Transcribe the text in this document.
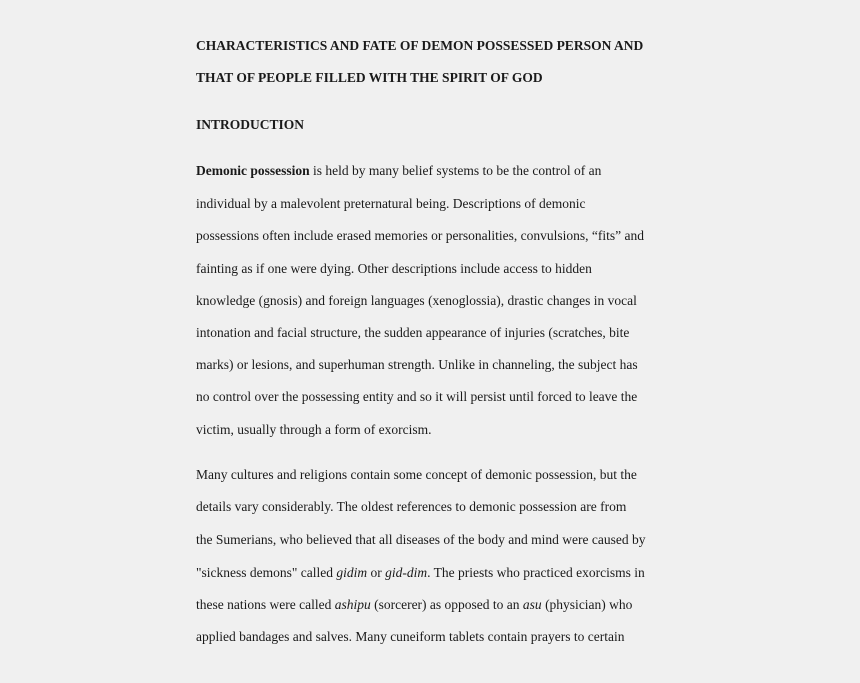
CHARACTERISTICS AND FATE OF DEMON POSSESSED PERSON AND
THAT OF PEOPLE FILLED WITH THE SPIRIT OF GOD
INTRODUCTION
Demonic possession is held by many belief systems to be the control of an
individual by a malevolent preternatural being. Descriptions of demonic
possessions often include erased memories or personalities, convulsions, “fits” and
fainting as if one were dying. Other descriptions include access to hidden
knowledge (gnosis) and foreign languages (xenoglossia), drastic changes in vocal
intonation and facial structure, the sudden appearance of injuries (scratches, bite
marks) or lesions, and superhuman strength. Unlike in channeling, the subject has
no control over the possessing entity and so it will persist until forced to leave the
victim, usually through a form of exorcism.
Many cultures and religions contain some concept of demonic possession, but the
details vary considerably. The oldest references to demonic possession are from
the Sumerians, who believed that all diseases of the body and mind were caused by
"sickness demons" called gidim or gid-dim. The priests who practiced exorcisms in
these nations were called ashipu (sorcerer) as opposed to an asu (physician) who
applied bandages and salves. Many cuneiform tablets contain prayers to certain
